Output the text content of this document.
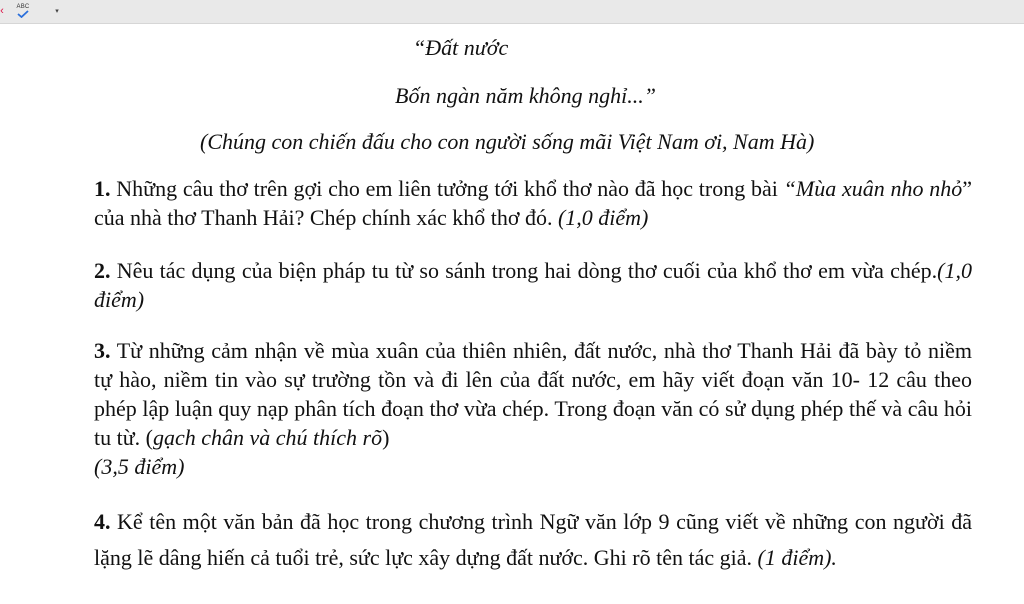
‹ ABC
▾

“Đất nước

Bốn ngàn năm không nghỉ...”

(Chúng con chiến đấu cho con người sống mãi Việt Nam ơi, Nam Hà)

1. Những câu thơ trên gợi cho em liên tưởng tới khổ thơ nào đã học trong bài “Mùa xuân nho nhỏ” của nhà thơ Thanh Hải? Chép chính xác khổ thơ đó. (1,0 điểm)

2. Nêu tác dụng của biện pháp tu từ so sánh trong hai dòng thơ cuối của khổ thơ em vừa chép.(1,0 điểm)

3. Từ những cảm nhận về mùa xuân của thiên nhiên, đất nước, nhà thơ Thanh Hải đã bày tỏ niềm tự hào, niềm tin vào sự trường tồn và đi lên của đất nước, em hãy viết đoạn văn 10- 12 câu theo phép lập luận quy nạp phân tích đoạn thơ vừa chép. Trong đoạn văn có sử dụng phép thế và câu hỏi tu từ. (gạch chân và chú thích rõ)
(3,5 điểm)

4. Kể tên một văn bản đã học trong chương trình Ngữ văn lớp 9 cũng viết về những con người đã lặng lẽ dâng hiến cả tuổi trẻ, sức lực xây dựng đất nước. Ghi rõ tên tác giả. (1 điểm).
